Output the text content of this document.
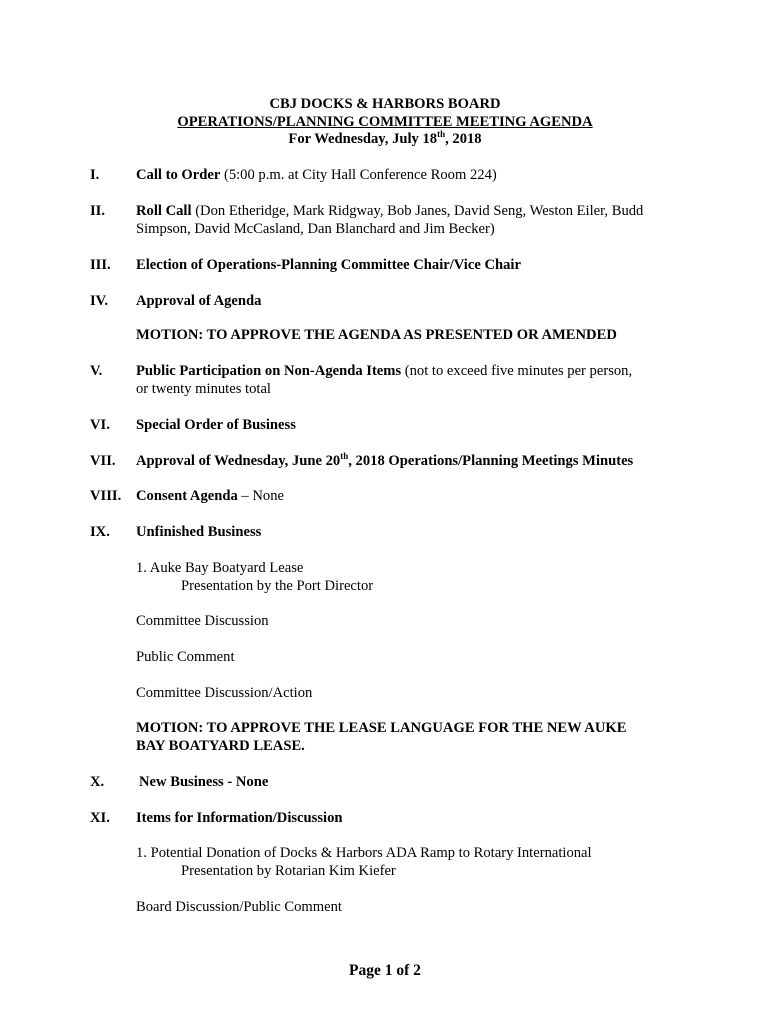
CBJ DOCKS & HARBORS BOARD
OPERATIONS/PLANNING COMMITTEE MEETING AGENDA
For Wednesday, July 18th, 2018
I.	Call to Order (5:00 p.m. at City Hall Conference Room 224)
II. Roll Call (Don Etheridge, Mark Ridgway, Bob Janes, David Seng, Weston Eiler, Budd
Simpson, David McCasland, Dan Blanchard and Jim Becker)
III. Election of Operations-Planning Committee Chair/Vice Chair
IV. Approval of Agenda
MOTION: TO APPROVE THE AGENDA AS PRESENTED OR AMENDED
V. Public Participation on Non-Agenda Items (not to exceed five minutes per person,
or twenty minutes total
VI. Special Order of Business
VII. Approval of Wednesday, June 20th, 2018 Operations/Planning Meetings Minutes
VIII. Consent Agenda – None
IX. Unfinished Business
1. Auke Bay Boatyard Lease
Presentation by the Port Director
Committee Discussion
Public Comment
Committee Discussion/Action
MOTION: TO APPROVE THE LEASE LANGUAGE FOR THE NEW AUKE
BAY BOATYARD LEASE.
X. New Business - None
XI. Items for Information/Discussion
1. Potential Donation of Docks & Harbors ADA Ramp to Rotary International
Presentation by Rotarian Kim Kiefer
Board Discussion/Public Comment
Page 1 of 2
